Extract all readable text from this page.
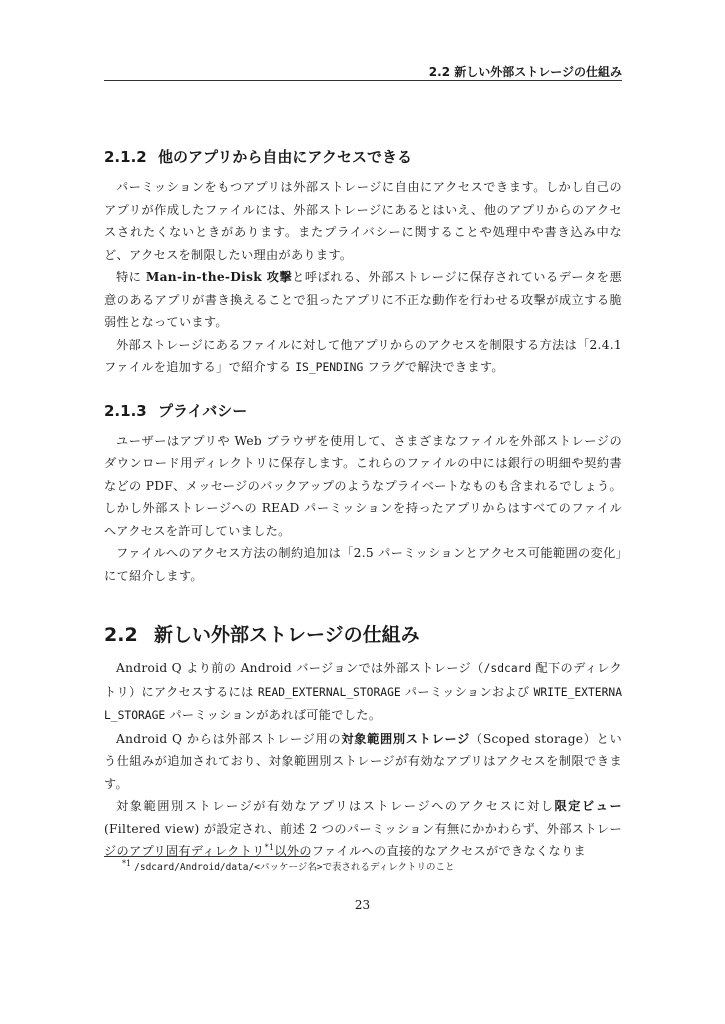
2.2 新しい外部ストレージの仕組み
2.1.2 他のアプリから自由にアクセスできる

パーミッションをもつアプリは外部ストレージに自由にアクセスできます。しかし自己のアプリが作成したファイルには、外部ストレージにあるとはいえ、他のアプリからのアクセスされたくないときがあります。またプライバシーに関することや処理中や書き込み中など、アクセスを制限したい理由があります。

特に Man-in-the-Disk 攻撃と呼ばれる、外部ストレージに保存されているデータを悪意のあるアプリが書き換えることで狙ったアプリに不正な動作を行わせる攻撃が成立する脆弱性となっています。

外部ストレージにあるファイルに対して他アプリからのアクセスを制限する方法は「2.4.1 ファイルを追加する」で紹介する IS_PENDING フラグで解決できます。

2.1.3 プライバシー

ユーザーはアプリや Web ブラウザを使用して、さまざまなファイルを外部ストレージのダウンロード用ディレクトリに保存します。これらのファイルの中には銀行の明細や契約書などの PDF、メッセージのバックアップのようなプライベートなものも含まれるでしょう。しかし外部ストレージへの READ パーミッションを持ったアプリからはすべてのファイルへアクセスを許可していました。

ファイルへのアクセス方法の制約追加は「2.5 パーミッションとアクセス可能範囲の変化」にて紹介します。

2.2 新しい外部ストレージの仕組み

Android Q より前の Android バージョンでは外部ストレージ（/sdcard 配下のディレクトリ）にアクセスするには READ_EXTERNAL_STORAGE パーミッションおよび WRITE_EXTERNAL_STORAGE パーミッションがあれば可能でした。

Android Q からは外部ストレージ用の対象範囲別ストレージ（Scoped storage）という仕組みが追加されており、対象範囲別ストレージが有効なアプリはアクセスを制限できます。

対象範囲別ストレージが有効なアプリはストレージへのアクセスに対し限定ビュー(Filtered view) が設定され、前述 2 つのパーミッション有無にかかわらず、外部ストレージのアプリ固有ディレクトリ$^{*1}$以外のファイルへの直接的なアクセスができなくなりま

$^{*1}$ /sdcard/Android/data/<パッケージ名>で表されるディレクトリのこと
23
